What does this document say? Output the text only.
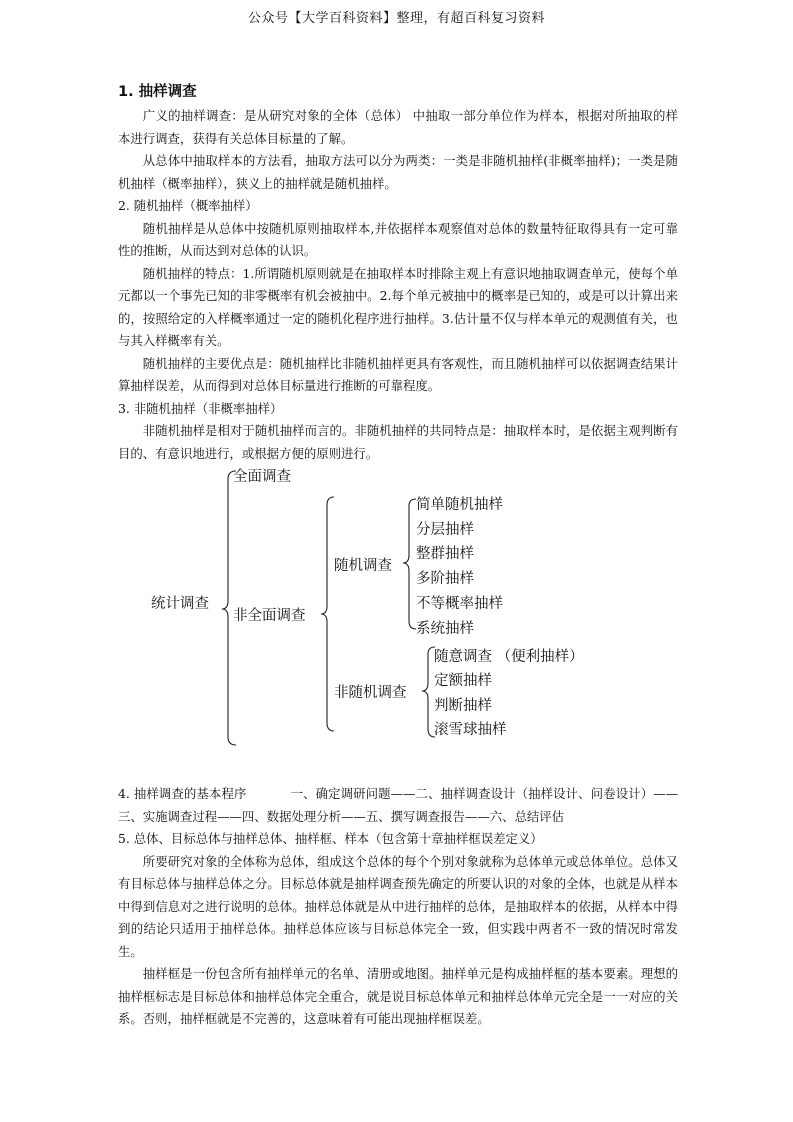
公众号【大学百科资料】整理，有超百科复习资料
1. 抽样调查

广义的抽样调查：是从研究对象的全体（总体） 中抽取一部分单位作为样本，根据对所抽取的样本进行调查，获得有关总体目标量的了解。

从总体中抽取样本的方法看，抽取方法可以分为两类：一类是非随机抽样(非概率抽样)；一类是随机抽样（概率抽样），狭义上的抽样就是随机抽样。

2. 随机抽样（概率抽样）

随机抽样是从总体中按随机原则抽取样本,并依据样本观察值对总体的数量特征取得具有一定可靠性的推断，从而达到对总体的认识。

随机抽样的特点：1.所谓随机原则就是在抽取样本时排除主观上有意识地抽取调查单元，使每个单元都以一个事先已知的非零概率有机会被抽中。2.每个单元被抽中的概率是已知的，或是可以计算出来的，按照给定的入样概率通过一定的随机化程序进行抽样。3.估计量不仅与样本单元的观测值有关，也与其入样概率有关。

随机抽样的主要优点是：随机抽样比非随机抽样更具有客观性，而且随机抽样可以依据调查结果计算抽样误差，从而得到对总体目标量进行推断的可靠程度。

3. 非随机抽样（非概率抽样）

非随机抽样是相对于随机抽样而言的。非随机抽样的共同特点是：抽取样本时，是依据主观判断有目的、有意识地进行，或根据方便的原则进行。

统计调查
全面调查
非全面调查
随机调查
非随机调查
简单随机抽样
分层抽样
整群抽样
多阶抽样
不等概率抽样
系统抽样
随意调查 （便利抽样）
定额抽样
判断抽样
滚雪球抽样

4. 抽样调查的基本程序	一、确定调研问题——二、抽样调查设计（抽样设计、问卷设计）——三、实施调查过程——四、数据处理分析——五、撰写调查报告——六、总结评估

5. 总体、目标总体与抽样总体、抽样框、样本（包含第十章抽样框误差定义）

所要研究对象的全体称为总体，组成这个总体的每个个别对象就称为总体单元或总体单位。总体又有目标总体与抽样总体之分。目标总体就是抽样调查预先确定的所要认识的对象的全体，也就是从样本中得到信息对之进行说明的总体。抽样总体就是从中进行抽样的总体，是抽取样本的依据，从样本中得到的结论只适用于抽样总体。抽样总体应该与目标总体完全一致，但实践中两者不一致的情况时常发生。

抽样框是一份包含所有抽样单元的名单、清册或地图。抽样单元是构成抽样框的基本要素。理想的抽样框标志是目标总体和抽样总体完全重合，就是说目标总体单元和抽样总体单元完全是一一对应的关系。否则，抽样框就是不完善的，这意味着有可能出现抽样框误差。
